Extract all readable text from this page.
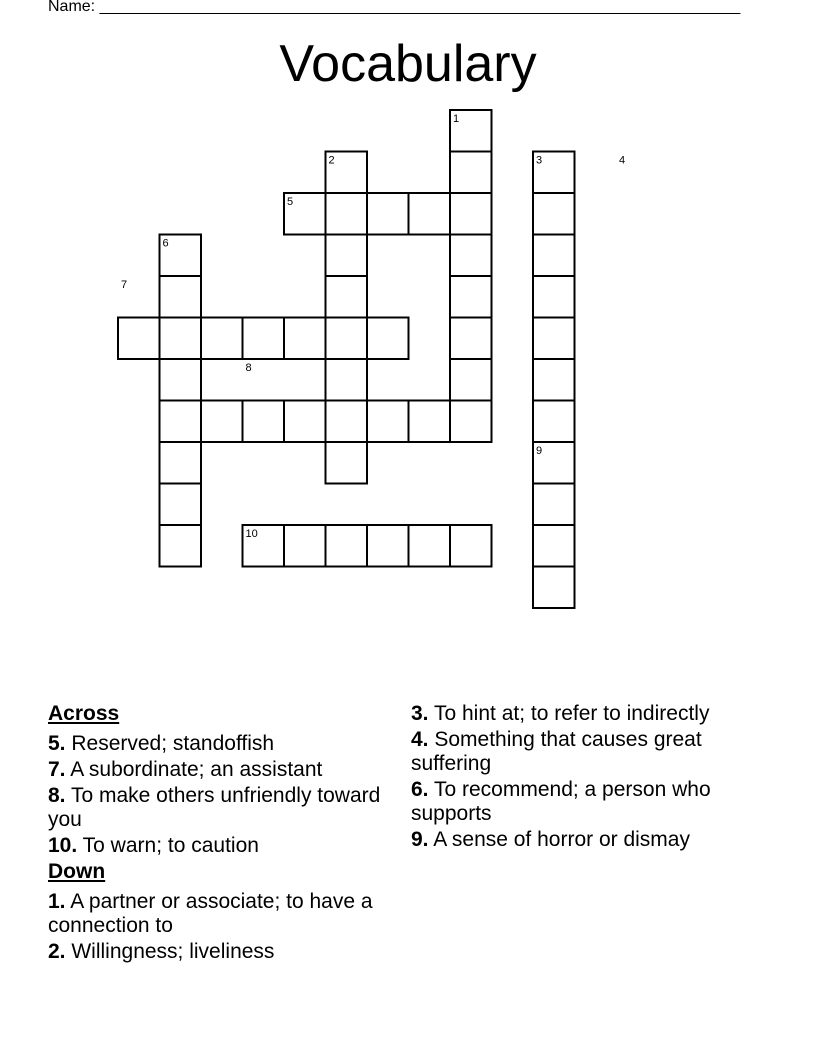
Name: ________________________________________________________________________
Vocabulary
1
2	3	4
5
6
7
8
9
10
Across
5. Reserved; standoffish
7. A subordinate; an assistant
8. To make others unfriendly toward you
10. To warn; to caution
Down
1. A partner or associate; to have a connection to
2. Willingness; liveliness
3. To hint at; to refer to indirectly
4. Something that causes great suffering
6. To recommend; a person who supports
9. A sense of horror or dismay
